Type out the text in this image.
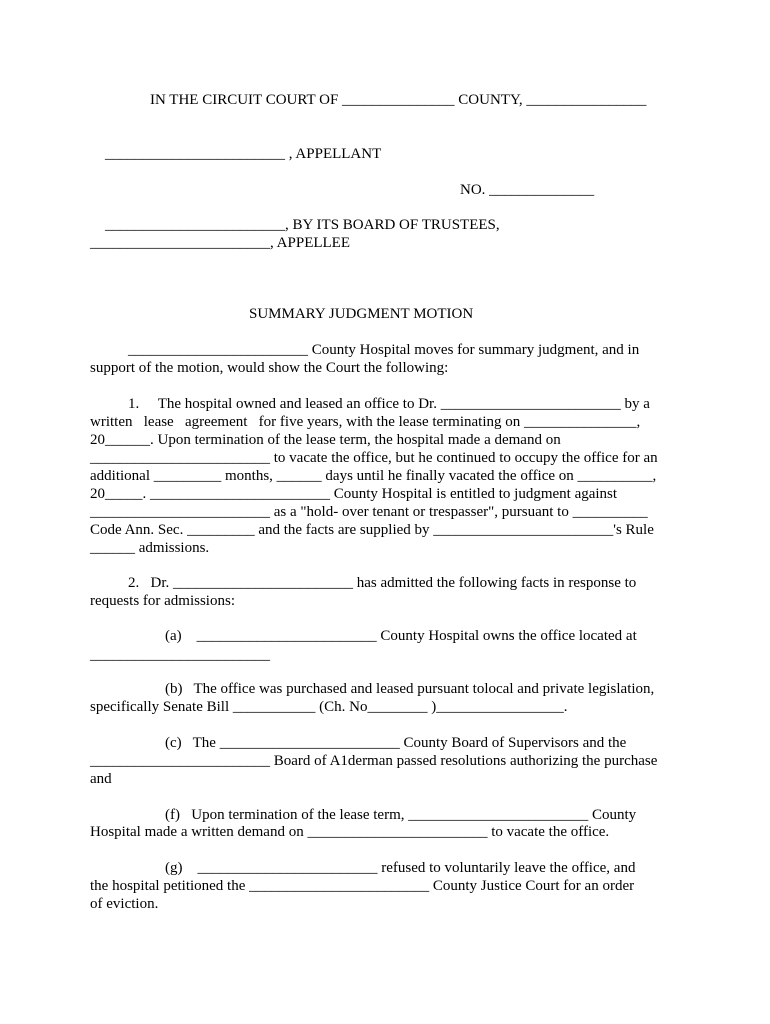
IN THE CIRCUIT COURT OF _______________ COUNTY, ________________
________________________ , APPELLANT
NO. ______________
________________________, BY ITS BOARD OF TRUSTEES,
________________________, APPELLEE
SUMMARY JUDGMENT MOTION
________________________ County Hospital moves for summary judgment, and in
support of the motion, would show the Court the following:
1.     The hospital owned and leased an office to Dr. ________________________ by a
written   lease   agreement   for five years, with the lease terminating on _______________,
20______. Upon termination of the lease term, the hospital made a demand on
________________________ to vacate the office, but he continued to occupy the office for an
additional _________ months, ______ days until he finally vacated the office on __________,
20_____. ________________________ County Hospital is entitled to judgment against
________________________ as a "hold- over tenant or trespasser", pursuant to __________
Code Ann. Sec. _________ and the facts are supplied by ________________________'s Rule
______ admissions.
2.   Dr. ________________________ has admitted the following facts in response to
requests for admissions:
(a)    ________________________ County Hospital owns the office located at
________________________
(b)   The office was purchased and leased pursuant tolocal and private legislation,
specifically Senate Bill ___________ (Ch. No________ )_________________.
(c)   The ________________________ County Board of Supervisors and the
________________________ Board of A1derman passed resolutions authorizing the purchase
and
(f)   Upon termination of the lease term, ________________________ County
Hospital made a written demand on ________________________ to vacate the office.
(g)    ________________________ refused to voluntarily leave the office, and
the hospital petitioned the ________________________ County Justice Court for an order
of eviction.
